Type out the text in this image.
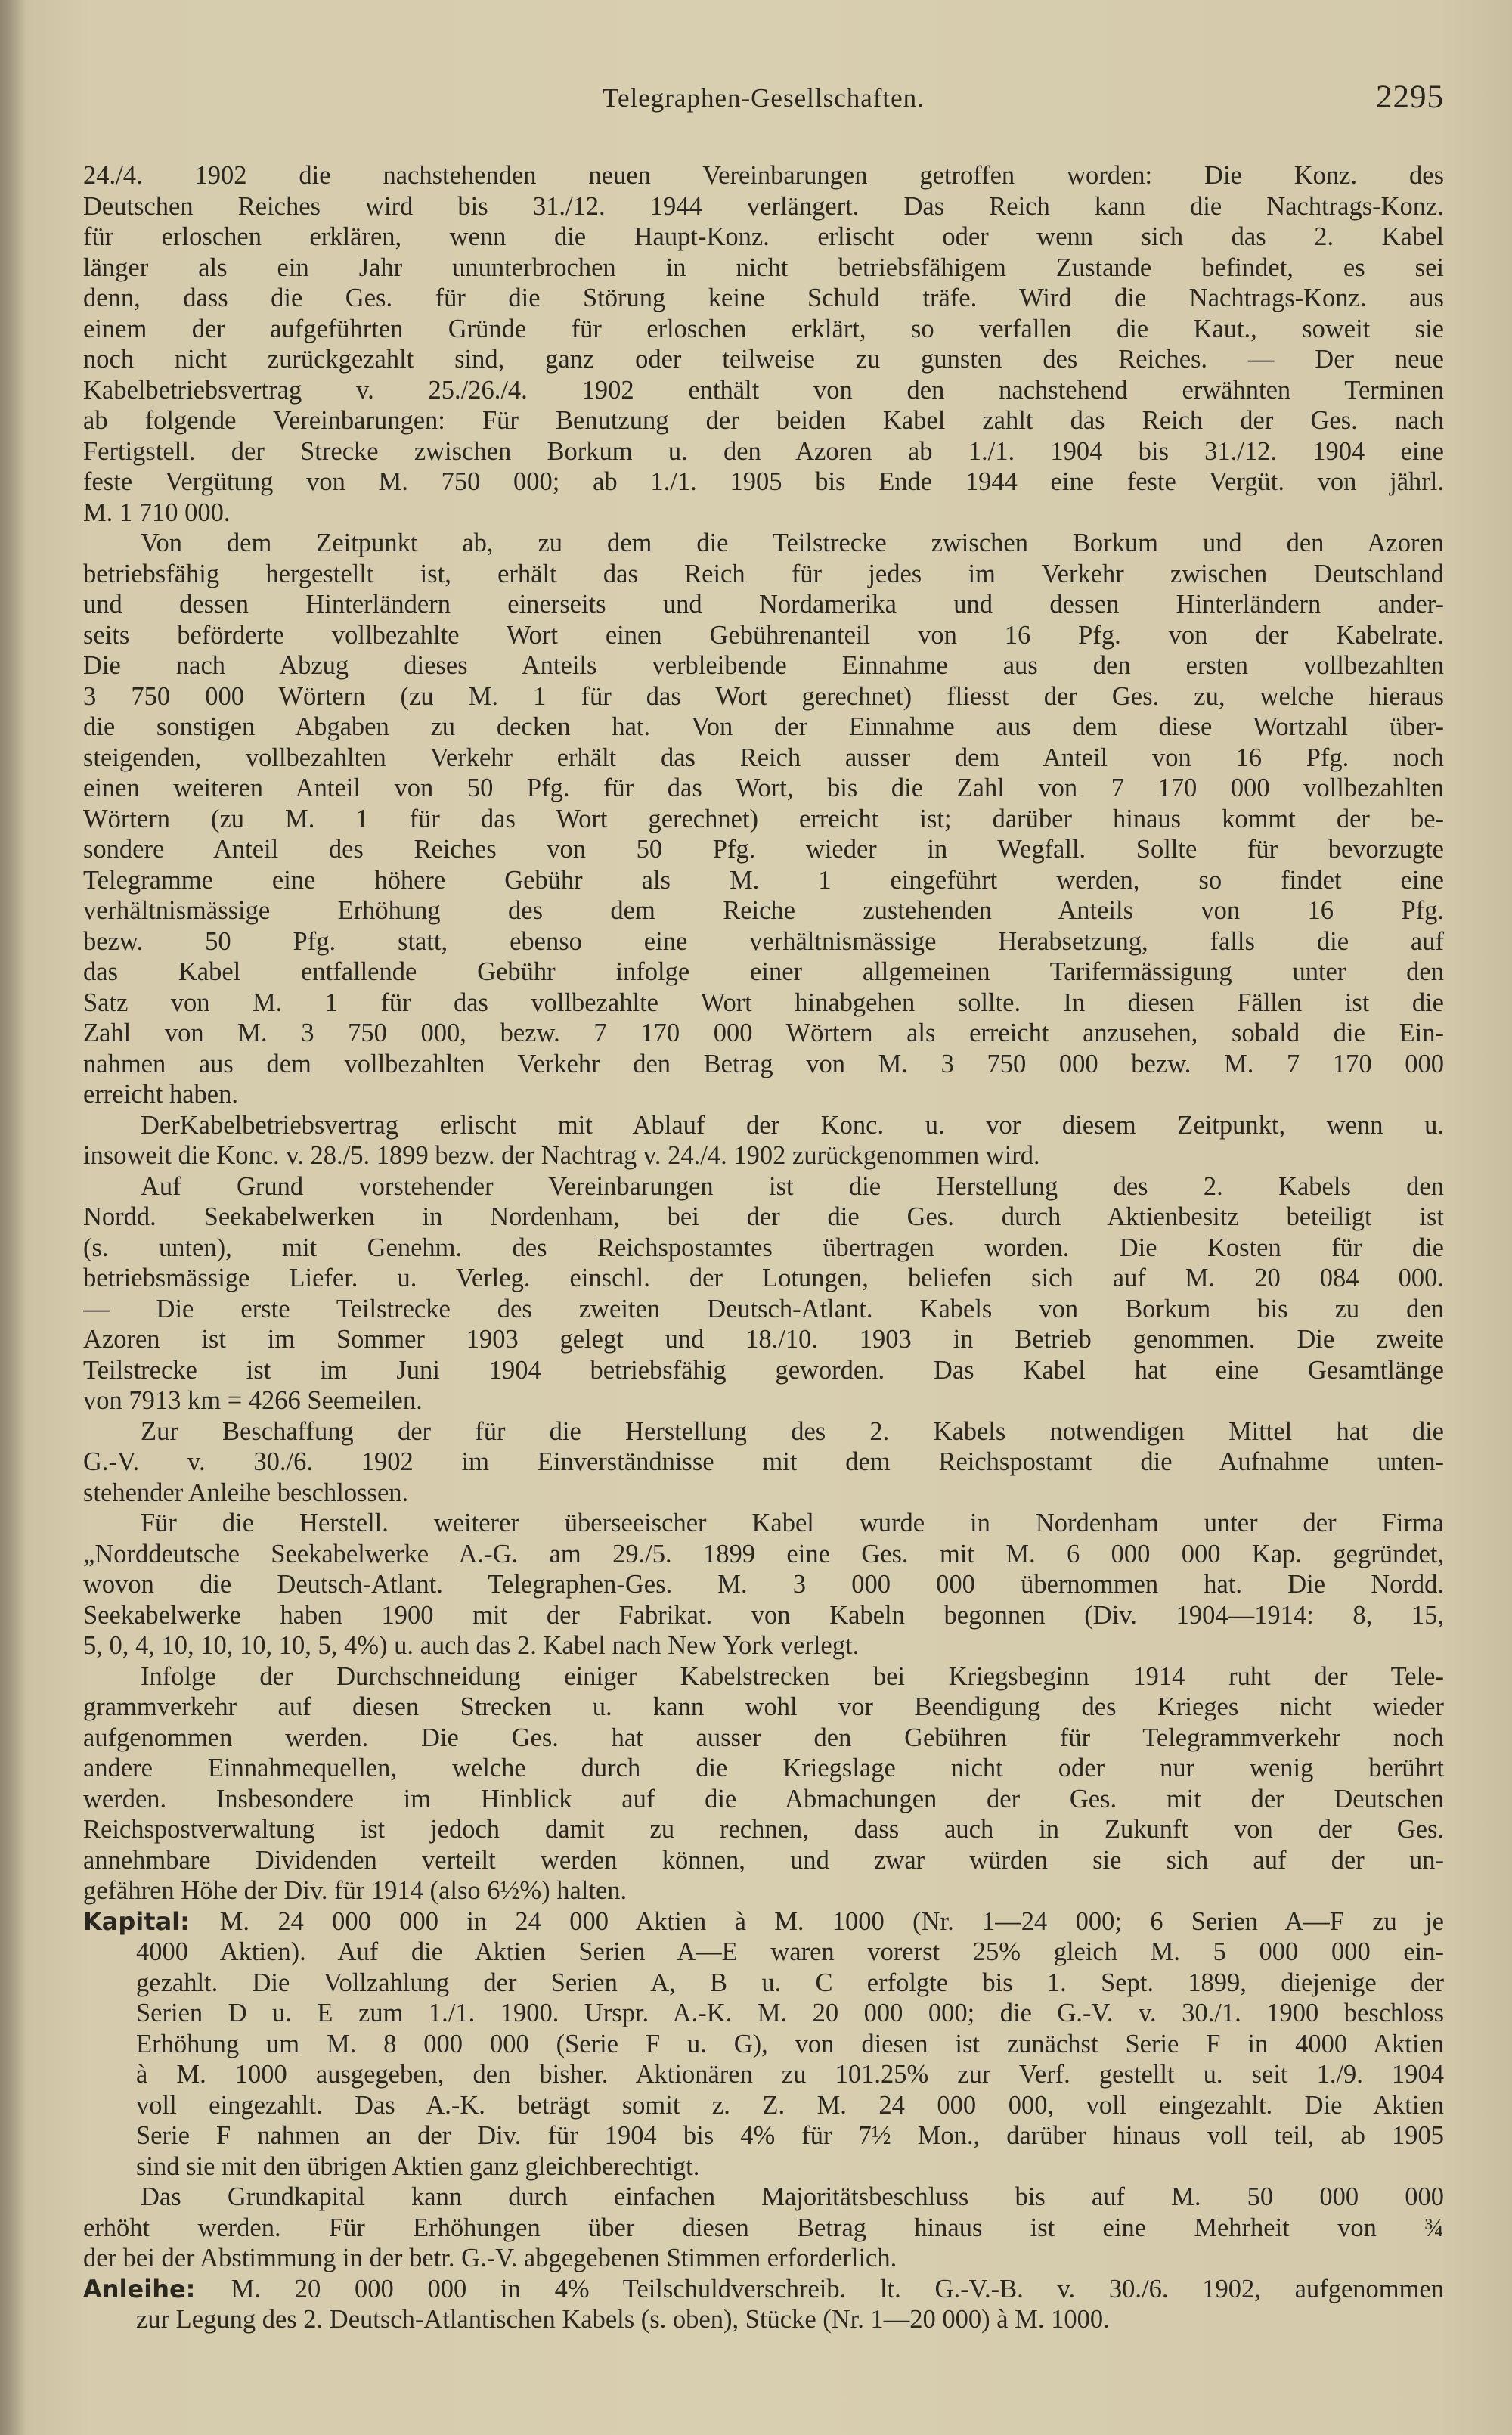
Telegraphen-Gesellschaften.	2295
24./4. 1902 die nachstehenden neuen Vereinbarungen getroffen worden: Die Konz. des
Deutschen Reiches wird bis 31./12. 1944 verlängert. Das Reich kann die Nachtrags-Konz.
für erloschen erklären, wenn die Haupt-Konz. erlischt oder wenn sich das 2. Kabel
länger als ein Jahr ununterbrochen in nicht betriebsfähigem Zustande befindet, es sei
denn, dass die Ges. für die Störung keine Schuld träfe. Wird die Nachtrags-Konz. aus
einem der aufgeführten Gründe für erloschen erklärt, so verfallen die Kaut., soweit sie
noch nicht zurückgezahlt sind, ganz oder teilweise zu gunsten des Reiches. — Der neue
Kabelbetriebsvertrag v. 25./26./4. 1902 enthält von den nachstehend erwähnten Terminen
ab folgende Vereinbarungen: Für Benutzung der beiden Kabel zahlt das Reich der Ges. nach
Fertigstell. der Strecke zwischen Borkum u. den Azoren ab 1./1. 1904 bis 31./12. 1904 eine
feste Vergütung von M. 750 000; ab 1./1. 1905 bis Ende 1944 eine feste Vergüt. von jährl.
M. 1 710 000.
Von dem Zeitpunkt ab, zu dem die Teilstrecke zwischen Borkum und den Azoren
betriebsfähig hergestellt ist, erhält das Reich für jedes im Verkehr zwischen Deutschland
und dessen Hinterländern einerseits und Nordamerika und dessen Hinterländern ander-
seits beförderte vollbezahlte Wort einen Gebührenanteil von 16 Pfg. von der Kabelrate.
Die nach Abzug dieses Anteils verbleibende Einnahme aus den ersten vollbezahlten
3 750 000 Wörtern (zu M. 1 für das Wort gerechnet) fliesst der Ges. zu, welche hieraus
die sonstigen Abgaben zu decken hat. Von der Einnahme aus dem diese Wortzahl über-
steigenden, vollbezahlten Verkehr erhält das Reich ausser dem Anteil von 16 Pfg. noch
einen weiteren Anteil von 50 Pfg. für das Wort, bis die Zahl von 7 170 000 vollbezahlten
Wörtern (zu M. 1 für das Wort gerechnet) erreicht ist; darüber hinaus kommt der be-
sondere Anteil des Reiches von 50 Pfg. wieder in Wegfall. Sollte für bevorzugte
Telegramme eine höhere Gebühr als M. 1 eingeführt werden, so findet eine
verhältnismässige Erhöhung des dem Reiche zustehenden Anteils von 16 Pfg.
bezw. 50 Pfg. statt, ebenso eine verhältnismässige Herabsetzung, falls die auf
das Kabel entfallende Gebühr infolge einer allgemeinen Tarifermässigung unter den
Satz von M. 1 für das vollbezahlte Wort hinabgehen sollte. In diesen Fällen ist die
Zahl von M. 3 750 000, bezw. 7 170 000 Wörtern als erreicht anzusehen, sobald die Ein-
nahmen aus dem vollbezahlten Verkehr den Betrag von M. 3 750 000 bezw. M. 7 170 000
erreicht haben.
DerKabelbetriebsvertrag erlischt mit Ablauf der Konc. u. vor diesem Zeitpunkt, wenn u.
insoweit die Konc. v. 28./5. 1899 bezw. der Nachtrag v. 24./4. 1902 zurückgenommen wird.
Auf Grund vorstehender Vereinbarungen ist die Herstellung des 2. Kabels den
Nordd. Seekabelwerken in Nordenham, bei der die Ges. durch Aktienbesitz beteiligt ist
(s. unten), mit Genehm. des Reichspostamtes übertragen worden. Die Kosten für die
betriebsmässige Liefer. u. Verleg. einschl. der Lotungen, beliefen sich auf M. 20 084 000.
— Die erste Teilstrecke des zweiten Deutsch-Atlant. Kabels von Borkum bis zu den
Azoren ist im Sommer 1903 gelegt und 18./10. 1903 in Betrieb genommen. Die zweite
Teilstrecke ist im Juni 1904 betriebsfähig geworden. Das Kabel hat eine Gesamtlänge
von 7913 km = 4266 Seemeilen.
Zur Beschaffung der für die Herstellung des 2. Kabels notwendigen Mittel hat die
G.-V. v. 30./6. 1902 im Einverständnisse mit dem Reichspostamt die Aufnahme unten-
stehender Anleihe beschlossen.
Für die Herstell. weiterer überseeischer Kabel wurde in Nordenham unter der Firma
„Norddeutsche Seekabelwerke A.-G. am 29./5. 1899 eine Ges. mit M. 6 000 000 Kap. gegründet,
wovon die Deutsch-Atlant. Telegraphen-Ges. M. 3 000 000 übernommen hat. Die Nordd.
Seekabelwerke haben 1900 mit der Fabrikat. von Kabeln begonnen (Div. 1904—1914: 8, 15,
5, 0, 4, 10, 10, 10, 10, 5, 4%) u. auch das 2. Kabel nach New York verlegt.
Infolge der Durchschneidung einiger Kabelstrecken bei Kriegsbeginn 1914 ruht der Tele-
grammverkehr auf diesen Strecken u. kann wohl vor Beendigung des Krieges nicht wieder
aufgenommen werden. Die Ges. hat ausser den Gebühren für Telegrammverkehr noch
andere Einnahmequellen, welche durch die Kriegslage nicht oder nur wenig berührt
werden. Insbesondere im Hinblick auf die Abmachungen der Ges. mit der Deutschen
Reichspostverwaltung ist jedoch damit zu rechnen, dass auch in Zukunft von der Ges.
annehmbare Dividenden verteilt werden können, und zwar würden sie sich auf der un-
gefähren Höhe der Div. für 1914 (also 6½%) halten.
Kapital: M. 24 000 000 in 24 000 Aktien à M. 1000 (Nr. 1—24 000; 6 Serien A—F zu je
4000 Aktien). Auf die Aktien Serien A—E waren vorerst 25% gleich M. 5 000 000 ein-
gezahlt. Die Vollzahlung der Serien A, B u. C erfolgte bis 1. Sept. 1899, diejenige der
Serien D u. E zum 1./1. 1900. Urspr. A.-K. M. 20 000 000; die G.-V. v. 30./1. 1900 beschloss
Erhöhung um M. 8 000 000 (Serie F u. G), von diesen ist zunächst Serie F in 4000 Aktien
à M. 1000 ausgegeben, den bisher. Aktionären zu 101.25% zur Verf. gestellt u. seit 1./9. 1904
voll eingezahlt. Das A.-K. beträgt somit z. Z. M. 24 000 000, voll eingezahlt. Die Aktien
Serie F nahmen an der Div. für 1904 bis 4% für 7½ Mon., darüber hinaus voll teil, ab 1905
sind sie mit den übrigen Aktien ganz gleichberechtigt.
Das Grundkapital kann durch einfachen Majoritätsbeschluss bis auf M. 50 000 000
erhöht werden. Für Erhöhungen über diesen Betrag hinaus ist eine Mehrheit von ¾
der bei der Abstimmung in der betr. G.-V. abgegebenen Stimmen erforderlich.
Anleihe: M. 20 000 000 in 4% Teilschuldverschreib. lt. G.-V.-B. v. 30./6. 1902, aufgenommen
zur Legung des 2. Deutsch-Atlantischen Kabels (s. oben), Stücke (Nr. 1—20 000) à M. 1000.
